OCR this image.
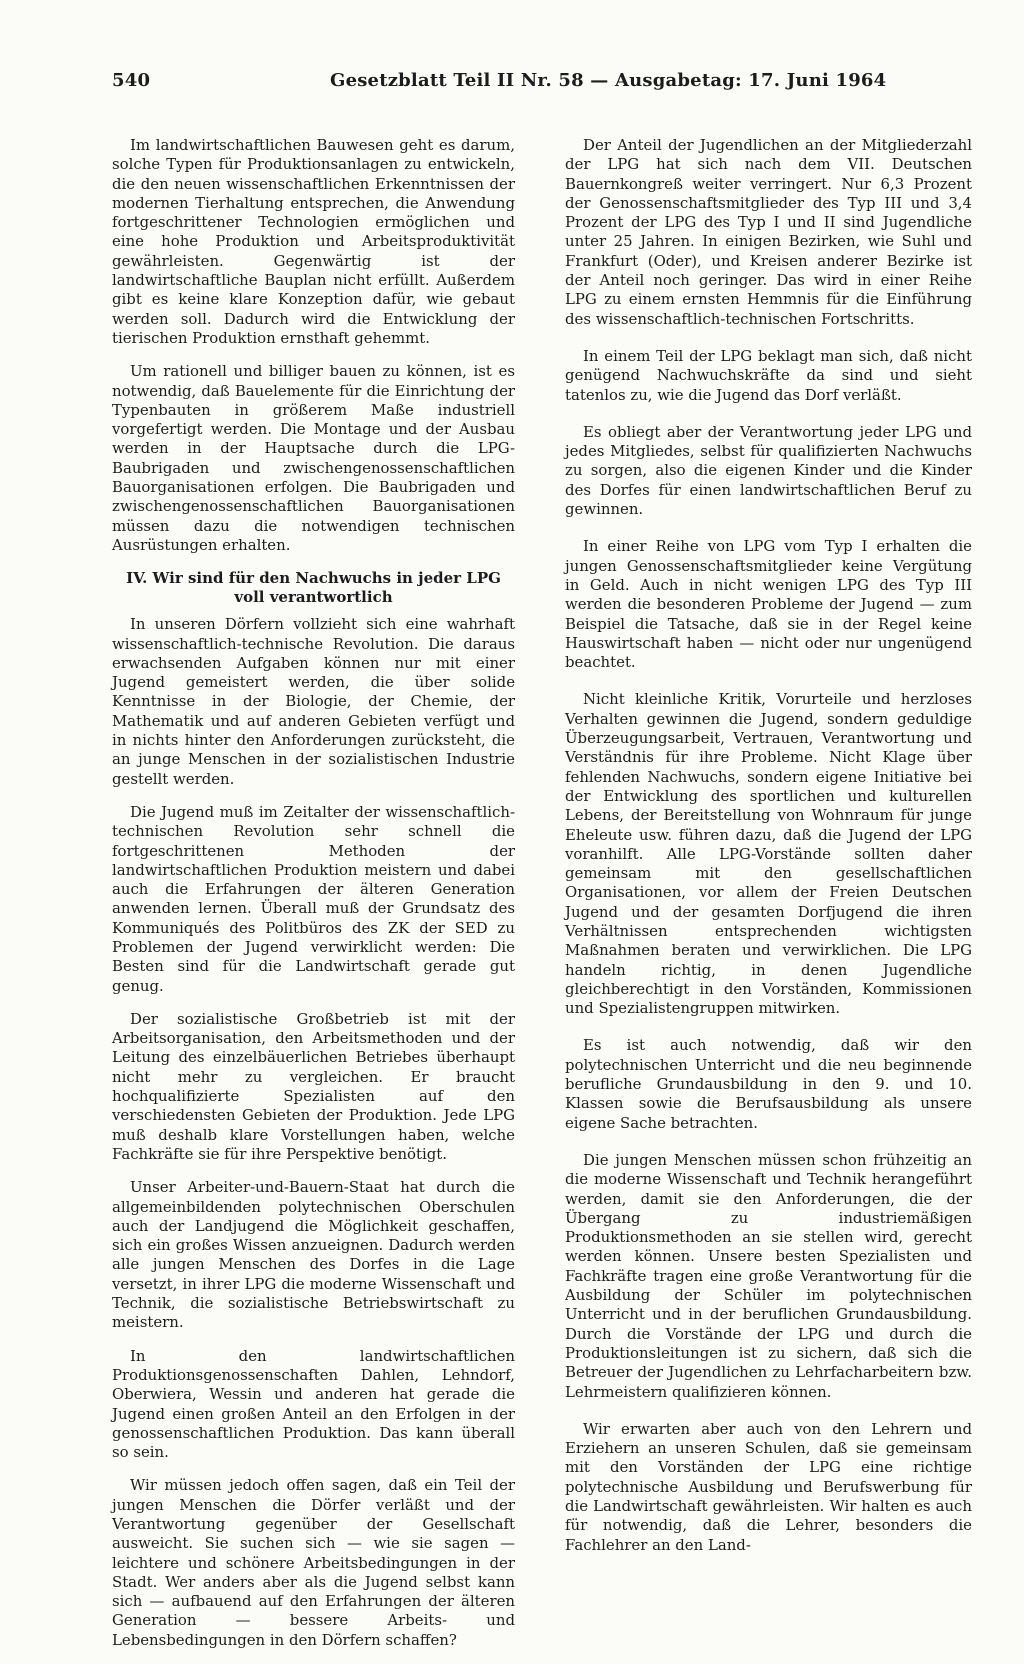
540	Gesetzblatt Teil II Nr. 58 — Ausgabetag: 17. Juni 1964

Im landwirtschaftlichen Bauwesen geht es darum, solche Typen für Produktionsanlagen zu entwickeln, die den neuen wissenschaftlichen Erkenntnissen der modernen Tierhaltung entsprechen, die Anwendung fortgeschrittener Technologien ermöglichen und eine hohe Produktion und Arbeitsproduktivität gewährleisten. Gegenwärtig ist der landwirtschaftliche Bauplan nicht erfüllt. Außerdem gibt es keine klare Konzeption dafür, wie gebaut werden soll. Dadurch wird die Entwicklung der tierischen Produktion ernsthaft gehemmt.

Um rationell und billiger bauen zu können, ist es notwendig, daß Bauelemente für die Einrichtung der Typenbauten in größerem Maße industriell vorgefertigt werden. Die Montage und der Ausbau werden in der Hauptsache durch die LPG-Baubrigaden und zwischengenossenschaftlichen Bauorganisationen erfolgen. Die Baubrigaden und zwischengenossenschaftlichen Bauorganisationen müssen dazu die notwendigen technischen Ausrüstungen erhalten.

IV. Wir sind für den Nachwuchs in jeder LPG
voll verantwortlich

In unseren Dörfern vollzieht sich eine wahrhaft wissenschaftlich-technische Revolution. Die daraus erwachsenden Aufgaben können nur mit einer Jugend gemeistert werden, die über solide Kenntnisse in der Biologie, der Chemie, der Mathematik und auf anderen Gebieten verfügt und in nichts hinter den Anforderungen zurücksteht, die an junge Menschen in der sozialistischen Industrie gestellt werden.

Die Jugend muß im Zeitalter der wissenschaftlich-technischen Revolution sehr schnell die fortgeschrittenen Methoden der landwirtschaftlichen Produktion meistern und dabei auch die Erfahrungen der älteren Generation anwenden lernen. Überall muß der Grundsatz des Kommuniqués des Politbüros des ZK der SED zu Problemen der Jugend verwirklicht werden: Die Besten sind für die Landwirtschaft gerade gut genug.

Der sozialistische Großbetrieb ist mit der Arbeitsorganisation, den Arbeitsmethoden und der Leitung des einzelbäuerlichen Betriebes überhaupt nicht mehr zu vergleichen. Er braucht hochqualifizierte Spezialisten auf den verschiedensten Gebieten der Produktion. Jede LPG muß deshalb klare Vorstellungen haben, welche Fachkräfte sie für ihre Perspektive benötigt.

Unser Arbeiter-und-Bauern-Staat hat durch die allgemeinbildenden polytechnischen Oberschulen auch der Landjugend die Möglichkeit geschaffen, sich ein großes Wissen anzueignen. Dadurch werden alle jungen Menschen des Dorfes in die Lage versetzt, in ihrer LPG die moderne Wissenschaft und Technik, die sozialistische Betriebswirtschaft zu meistern.

In den landwirtschaftlichen Produktionsgenossenschaften Dahlen, Lehndorf, Oberwiera, Wessin und anderen hat gerade die Jugend einen großen Anteil an den Erfolgen in der genossenschaftlichen Produktion. Das kann überall so sein.

Wir müssen jedoch offen sagen, daß ein Teil der jungen Menschen die Dörfer verläßt und der Verantwortung gegenüber der Gesellschaft ausweicht. Sie suchen sich — wie sie sagen — leichtere und schönere Arbeitsbedingungen in der Stadt. Wer anders aber als die Jugend selbst kann sich — aufbauend auf den Erfahrungen der älteren Generation — bessere Arbeits- und Lebensbedingungen in den Dörfern schaffen?

Der Anteil der Jugendlichen an der Mitgliederzahl der LPG hat sich nach dem VII. Deutschen Bauernkongreß weiter verringert. Nur 6,3 Prozent der Genossenschaftsmitglieder des Typ III und 3,4 Prozent der LPG des Typ I und II sind Jugendliche unter 25 Jahren. In einigen Bezirken, wie Suhl und Frankfurt (Oder), und Kreisen anderer Bezirke ist der Anteil noch geringer. Das wird in einer Reihe LPG zu einem ernsten Hemmnis für die Einführung des wissenschaftlich-technischen Fortschritts.

In einem Teil der LPG beklagt man sich, daß nicht genügend Nachwuchskräfte da sind und sieht tatenlos zu, wie die Jugend das Dorf verläßt.

Es obliegt aber der Verantwortung jeder LPG und jedes Mitgliedes, selbst für qualifizierten Nachwuchs zu sorgen, also die eigenen Kinder und die Kinder des Dorfes für einen landwirtschaftlichen Beruf zu gewinnen.

In einer Reihe von LPG vom Typ I erhalten die jungen Genossenschaftsmitglieder keine Vergütung in Geld. Auch in nicht wenigen LPG des Typ III werden die besonderen Probleme der Jugend — zum Beispiel die Tatsache, daß sie in der Regel keine Hauswirtschaft haben — nicht oder nur ungenügend beachtet.

Nicht kleinliche Kritik, Vorurteile und herzloses Verhalten gewinnen die Jugend, sondern geduldige Überzeugungsarbeit, Vertrauen, Verantwortung und Verständnis für ihre Probleme. Nicht Klage über fehlenden Nachwuchs, sondern eigene Initiative bei der Entwicklung des sportlichen und kulturellen Lebens, der Bereitstellung von Wohnraum für junge Eheleute usw. führen dazu, daß die Jugend der LPG voranhilft. Alle LPG-Vorstände sollten daher gemeinsam mit den gesellschaftlichen Organisationen, vor allem der Freien Deutschen Jugend und der gesamten Dorfjugend die ihren Verhältnissen entsprechenden wichtigsten Maßnahmen beraten und verwirklichen. Die LPG handeln richtig, in denen Jugendliche gleichberechtigt in den Vorständen, Kommissionen und Spezialistengruppen mitwirken.

Es ist auch notwendig, daß wir den polytechnischen Unterricht und die neu beginnende berufliche Grundausbildung in den 9. und 10. Klassen sowie die Berufsausbildung als unsere eigene Sache betrachten.

Die jungen Menschen müssen schon frühzeitig an die moderne Wissenschaft und Technik herangeführt werden, damit sie den Anforderungen, die der Übergang zu industriemäßigen Produktionsmethoden an sie stellen wird, gerecht werden können. Unsere besten Spezialisten und Fachkräfte tragen eine große Verantwortung für die Ausbildung der Schüler im polytechnischen Unterricht und in der beruflichen Grundausbildung. Durch die Vorstände der LPG und durch die Produktionsleitungen ist zu sichern, daß sich die Betreuer der Jugendlichen zu Lehrfacharbeitern bzw. Lehrmeistern qualifizieren können.

Wir erwarten aber auch von den Lehrern und Erziehern an unseren Schulen, daß sie gemeinsam mit den Vorständen der LPG eine richtige polytechnische Ausbildung und Berufswerbung für die Landwirtschaft gewährleisten. Wir halten es auch für notwendig, daß die Lehrer, besonders die Fachlehrer an den Land-
